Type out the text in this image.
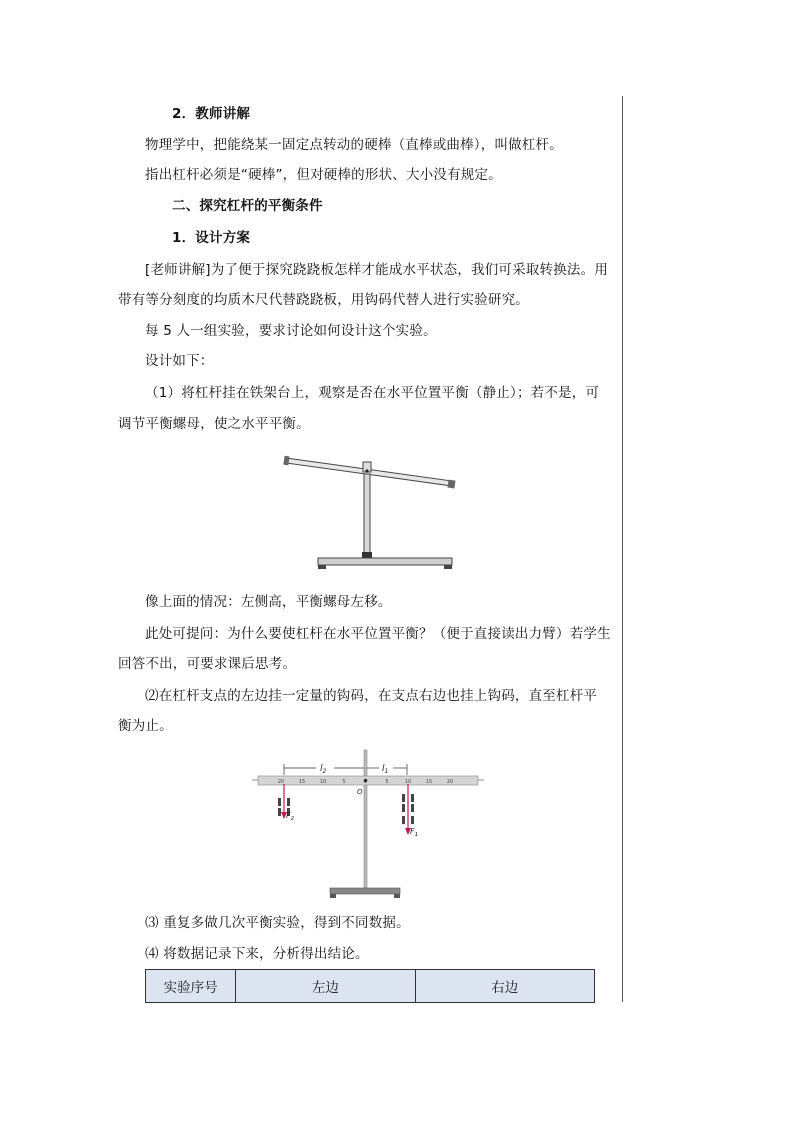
2．教师讲解
物理学中，把能绕某一固定点转动的硬棒（直棒或曲棒），叫做杠杆。
指出杠杆必须是“硬棒”，但对硬棒的形状、大小没有规定。
二、探究杠杆的平衡条件
1．设计方案
[老师讲解]为了便于探究跷跷板怎样才能成水平状态，我们可采取转换法。用
带有等分刻度的均质木尺代替跷跷板，用钩码代替人进行实验研究。
每 5 人一组实验，要求讨论如何设计这个实验。
设计如下：
（1）将杠杆挂在铁架台上，观察是否在水平位置平衡（静止）；若不是，可
调节平衡螺母，使之水平平衡。
像上面的情况：左侧高，平衡螺母左移。
此处可提问：为什么要使杠杆在水平位置平衡？（便于直接读出力臂）若学生
回答不出，可要求课后思考。
⑵在杠杆支点的左边挂一定量的钩码，在支点右边也挂上钩码，直至杠杆平
衡为止。
20	15	10	5	0	5	10	15	20
$l_2$	$l_1$
O
$F_2$
$F_1$
⑶ 重复多做几次平衡实验，得到不同数据。
⑷ 将数据记录下来，分析得出结论。
实验序号	左边	右边
